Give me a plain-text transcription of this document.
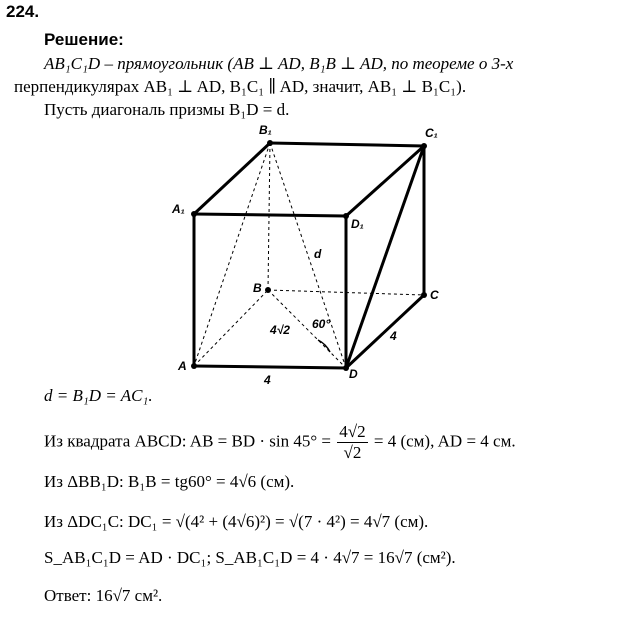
224.
Решение:
AB₁C₁D – прямоугольник (AB ⊥ AD, B₁B ⊥ AD, по теореме о 3-х
перпендикулярах AB₁ ⊥ AD, B₁C₁ ∥ AD, значит, AB₁ ⊥ B₁C₁).
Пусть диагональ призмы B₁D = d.
A₁
B₁	C₁
D₁
A
B	C
D
d
4
4
60°
4√2
d = B₁D = AC₁.
Из квадрата ABCD: AB = BD · $\sin 45^\circ = \frac{4√2}{√2} = 4$ (см), AD = 4 см.
Из ΔBB₁D: B₁B = tg60° = 4√6 (см).
Из ΔDC₁C: DC₁ = √(4² + (4√6)²) = √(7 · 4²) = 4√7 (см).
S_AB₁C₁D = AD · DC₁; S_AB₁C₁D = 4 · 4√7 = 16√7 (см²).
Ответ: 16√7 см².
